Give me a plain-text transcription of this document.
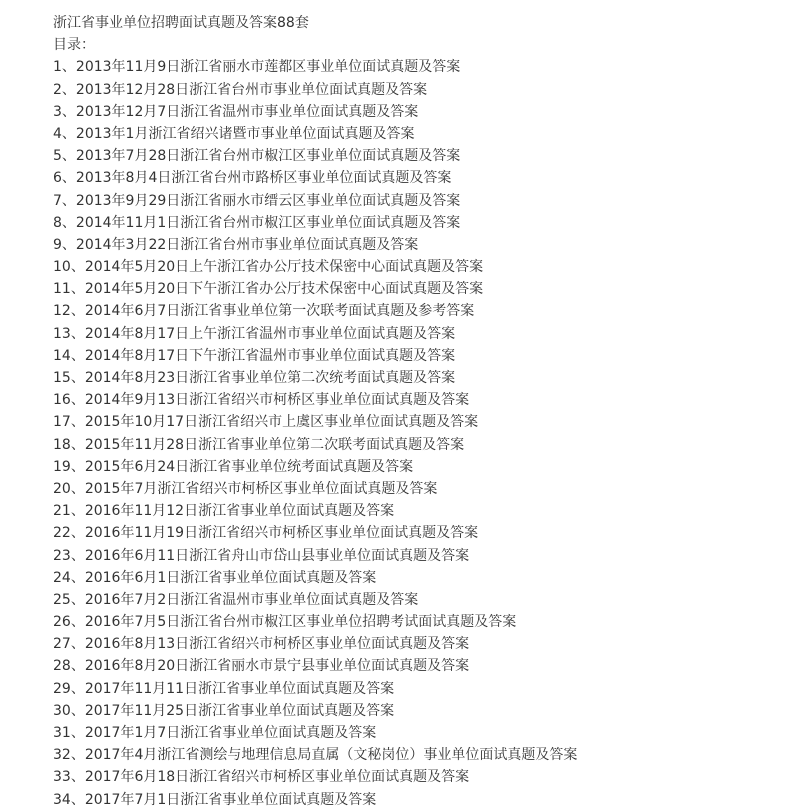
浙江省事业单位招聘面试真题及答案88套
目录：
1、2013年11月9日浙江省丽水市莲都区事业单位面试真题及答案
2、2013年12月28日浙江省台州市事业单位面试真题及答案
3、2013年12月7日浙江省温州市事业单位面试真题及答案
4、2013年1月浙江省绍兴诸暨市事业单位面试真题及答案
5、2013年7月28日浙江省台州市椒江区事业单位面试真题及答案
6、2013年8月4日浙江省台州市路桥区事业单位面试真题及答案
7、2013年9月29日浙江省丽水市缙云区事业单位面试真题及答案
8、2014年11月1日浙江省台州市椒江区事业单位面试真题及答案
9、2014年3月22日浙江省台州市事业单位面试真题及答案
10、2014年5月20日上午浙江省办公厅技术保密中心面试真题及答案
11、2014年5月20日下午浙江省办公厅技术保密中心面试真题及答案
12、2014年6月7日浙江省事业单位第一次联考面试真题及参考答案
13、2014年8月17日上午浙江省温州市事业单位面试真题及答案
14、2014年8月17日下午浙江省温州市事业单位面试真题及答案
15、2014年8月23日浙江省事业单位第二次统考面试真题及答案
16、2014年9月13日浙江省绍兴市柯桥区事业单位面试真题及答案
17、2015年10月17日浙江省绍兴市上虞区事业单位面试真题及答案
18、2015年11月28日浙江省事业单位第二次联考面试真题及答案
19、2015年6月24日浙江省事业单位统考面试真题及答案
20、2015年7月浙江省绍兴市柯桥区事业单位面试真题及答案
21、2016年11月12日浙江省事业单位面试真题及答案
22、2016年11月19日浙江省绍兴市柯桥区事业单位面试真题及答案
23、2016年6月11日浙江省舟山市岱山县事业单位面试真题及答案
24、2016年6月1日浙江省事业单位面试真题及答案
25、2016年7月2日浙江省温州市事业单位面试真题及答案
26、2016年7月5日浙江省台州市椒江区事业单位招聘考试面试真题及答案
27、2016年8月13日浙江省绍兴市柯桥区事业单位面试真题及答案
28、2016年8月20日浙江省丽水市景宁县事业单位面试真题及答案
29、2017年11月11日浙江省事业单位面试真题及答案
30、2017年11月25日浙江省事业单位面试真题及答案
31、2017年1月7日浙江省事业单位面试真题及答案
32、2017年4月浙江省测绘与地理信息局直属（文秘岗位）事业单位面试真题及答案
33、2017年6月18日浙江省绍兴市柯桥区事业单位面试真题及答案
34、2017年7月1日浙江省事业单位面试真题及答案
